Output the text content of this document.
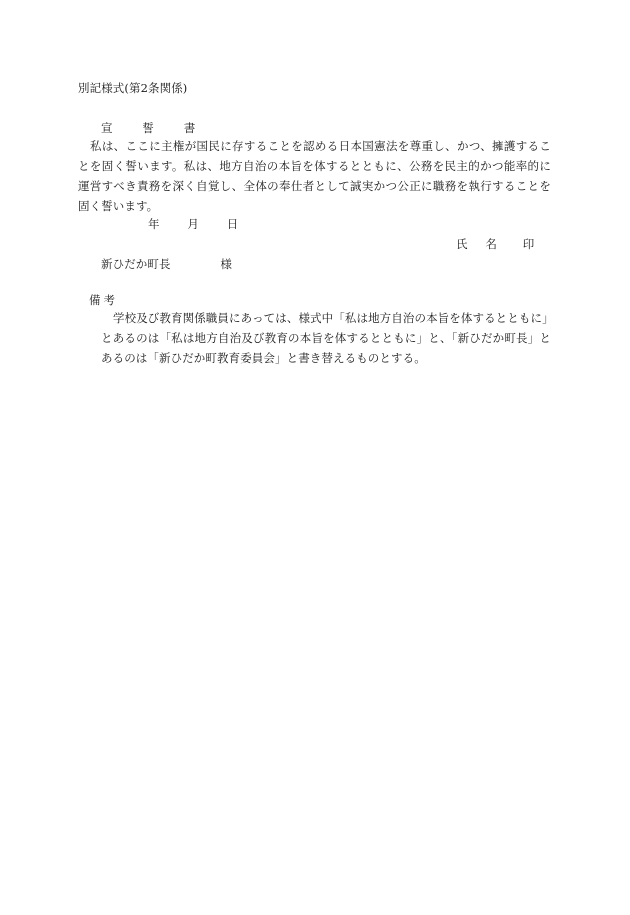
別記様式(第2条関係)
宣	誓	書
私は、ここに主権が国民に存することを認める日本国憲法を尊重し、かつ、擁護するこ
とを固く誓います。私は、地方自治の本旨を体するとともに、公務を民主的かつ能率的に
運営すべき責務を深く自覚し、全体の奉仕者として誠実かつ公正に職務を執行することを
固く誓います。
年 月 日
氏 名 印
新ひだか町長	様
備考
学校及び教育関係職員にあっては、様式中「私は地方自治の本旨を体するとともに」
とあるのは「私は地方自治及び教育の本旨を体するとともに」と、「新ひだか町長」と
あるのは「新ひだか町教育委員会」と書き替えるものとする。
